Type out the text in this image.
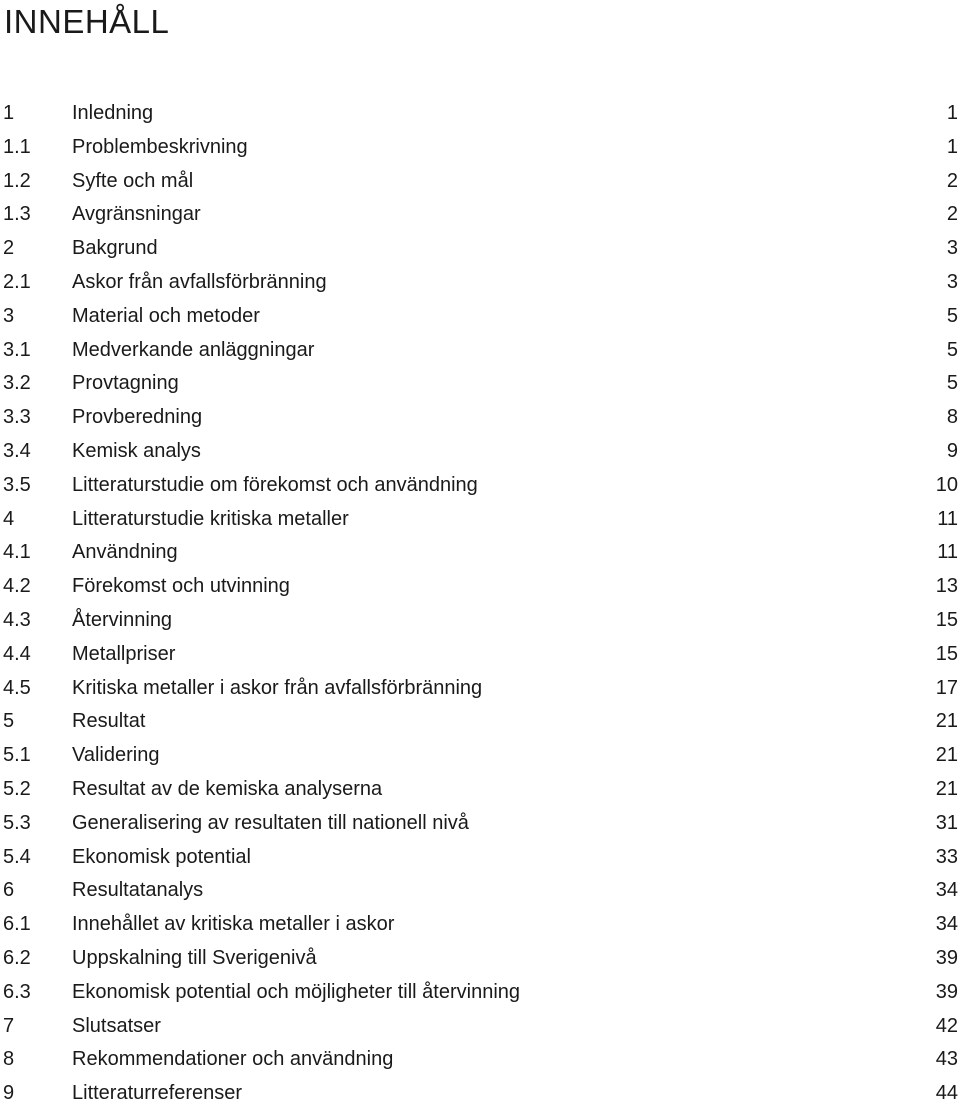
INNEHÅLL
1	Inledning	1
1.1 Problembeskrivning	1
1.2 Syfte och mål	2
1.3 Avgränsningar	2
2	Bakgrund	3
2.1 Askor från avfallsförbränning	3
3	Material och metoder	5
3.1 Medverkande anläggningar	5
3.2 Provtagning	5
3.3 Provberedning	8
3.4 Kemisk analys	9
3.5 Litteraturstudie om förekomst och användning	10
4	Litteraturstudie kritiska metaller	11
4.1 Användning	11
4.2 Förekomst och utvinning	13
4.3 Återvinning	15
4.4 Metallpriser	15
4.5 Kritiska metaller i askor från avfallsförbränning	17
5	Resultat	21
5.1 Validering	21
5.2 Resultat av de kemiska analyserna	21
5.3 Generalisering av resultaten till nationell nivå	31
5.4 Ekonomisk potential	33
6	Resultatanalys	34
6.1 Innehållet av kritiska metaller i askor	34
6.2 Uppskalning till Sverigenivå	39
6.3 Ekonomisk potential och möjligheter till återvinning	39
7	Slutsatser	42
8	Rekommendationer och användning	43
9	Litteraturreferenser	44
